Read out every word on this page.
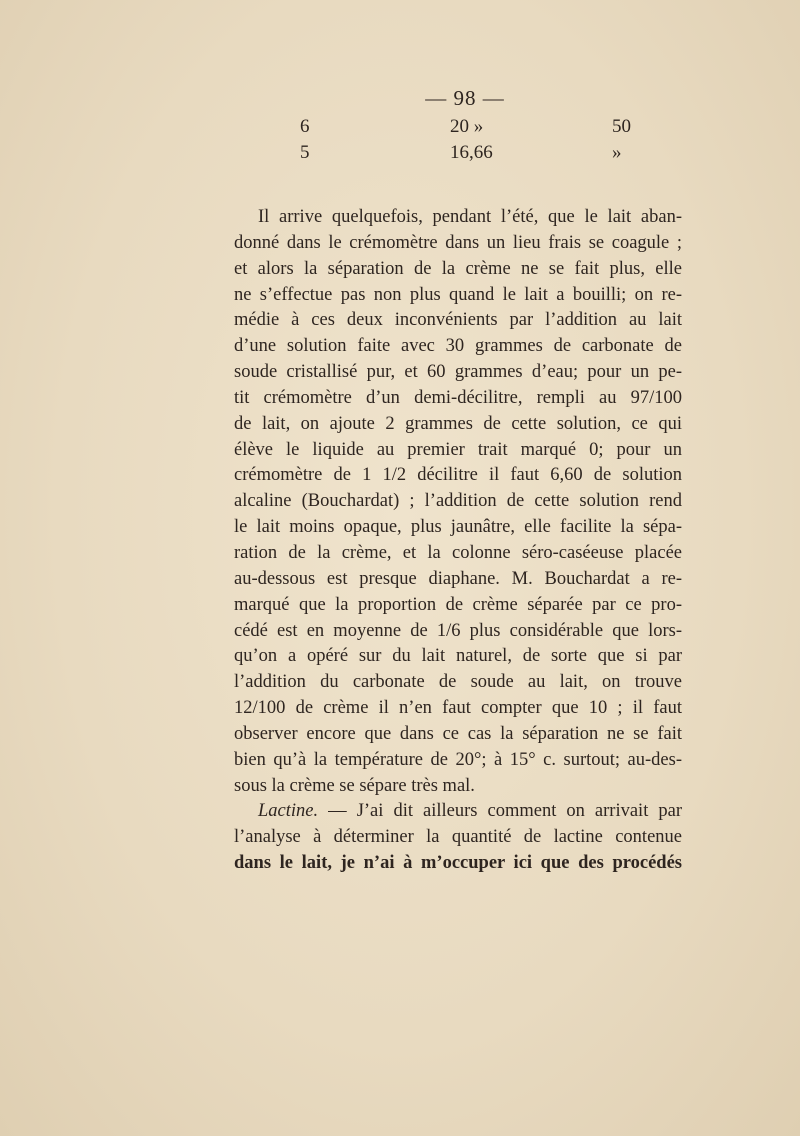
— 98 —
6	20 »	50
5	16,66	»
Il arrive quelquefois, pendant l’été, que le lait aban-
donné dans le crémomètre dans un lieu frais se coagule ;
et alors la séparation de la crème ne se fait plus, elle
ne s’effectue pas non plus quand le lait a bouilli; on re-
médie à ces deux inconvénients par l’addition au lait
d’une solution faite avec 30 grammes de carbonate de
soude cristallisé pur, et 60 grammes d’eau; pour un pe-
tit crémomètre d’un demi-décilitre, rempli au 97/100
de lait, on ajoute 2 grammes de cette solution, ce qui
élève le liquide au premier trait marqué 0; pour un
crémomètre de 1 1/2 décilitre il faut 6,60 de solution
alcaline (Bouchardat) ; l’addition de cette solution rend
le lait moins opaque, plus jaunâtre, elle facilite la sépa-
ration de la crème, et la colonne séro-caséeuse placée
au-dessous est presque diaphane. M. Bouchardat a re-
marqué que la proportion de crème séparée par ce pro-
cédé est en moyenne de 1/6 plus considérable que lors-
qu’on a opéré sur du lait naturel, de sorte que si par
l’addition du carbonate de soude au lait, on trouve
12/100 de crème il n’en faut compter que 10 ; il faut
observer encore que dans ce cas la séparation ne se fait
bien qu’à la température de 20°; à 15° c. surtout; au-des-
sous la crème se sépare très mal.
Lactine. — J’ai dit ailleurs comment on arrivait par
l’analyse à déterminer la quantité de lactine contenue
dans le lait, je n’ai à m’occuper ici que des procédés
